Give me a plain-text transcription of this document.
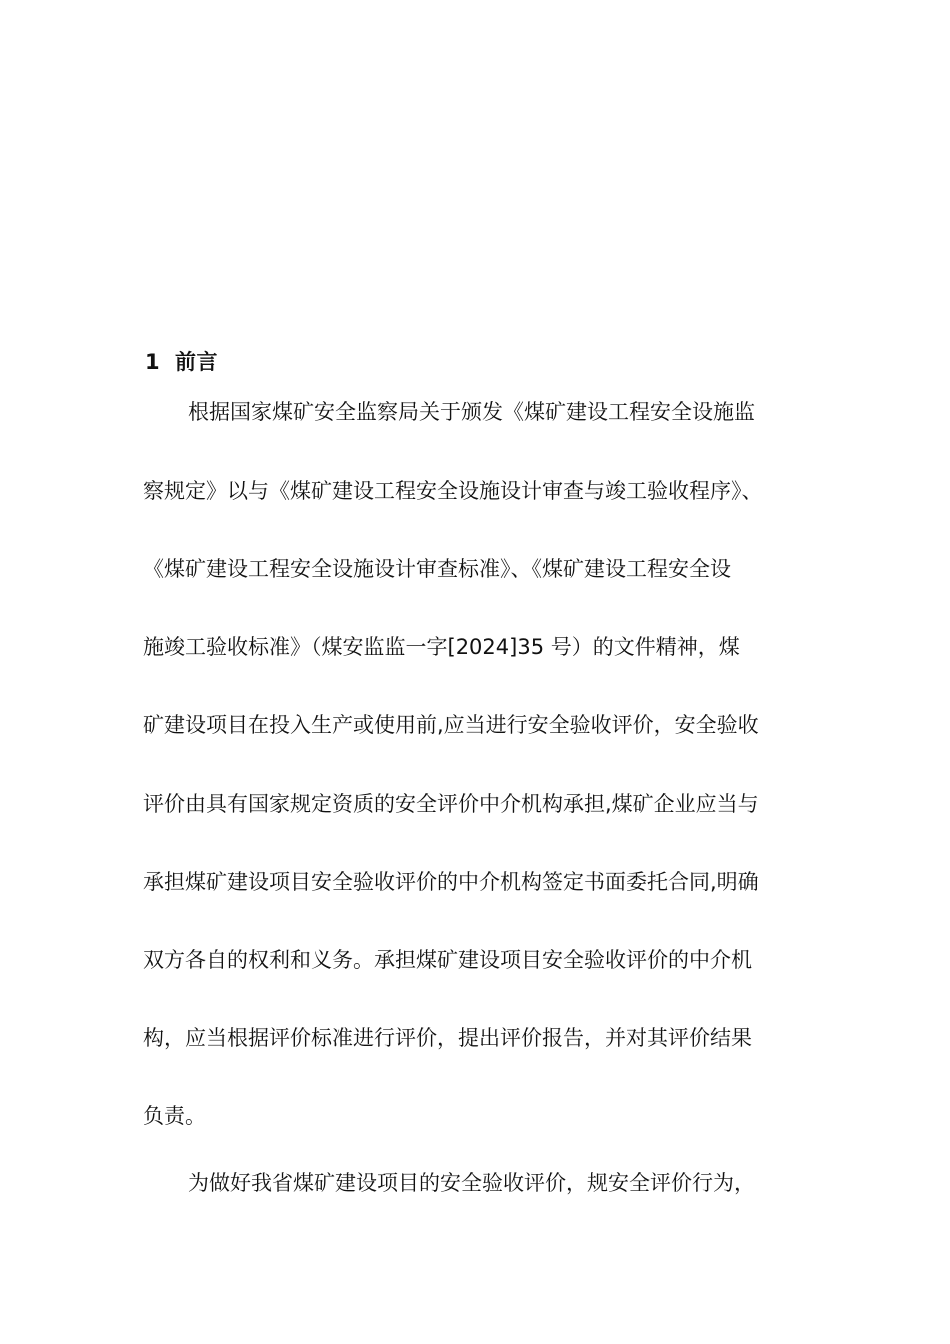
1 前言
根据国家煤矿安全监察局关于颁发《煤矿建设工程安全设施监
察规定》以与《煤矿建设工程安全设施设计审查与竣工验收程序》、
《煤矿建设工程安全设施设计审查标准》、《煤矿建设工程安全设
施竣工验收标准》（煤安监监一字[2024]35 号）的文件精神，煤
矿建设项目在投入生产或使用前,应当进行安全验收评价，安全验收
评价由具有国家规定资质的安全评价中介机构承担,煤矿企业应当与
承担煤矿建设项目安全验收评价的中介机构签定书面委托合同,明确
双方各自的权利和义务。承担煤矿建设项目安全验收评价的中介机
构，应当根据评价标准进行评价，提出评价报告，并对其评价结果
负责。
为做好我省煤矿建设项目的安全验收评价，规安全评价行为，
